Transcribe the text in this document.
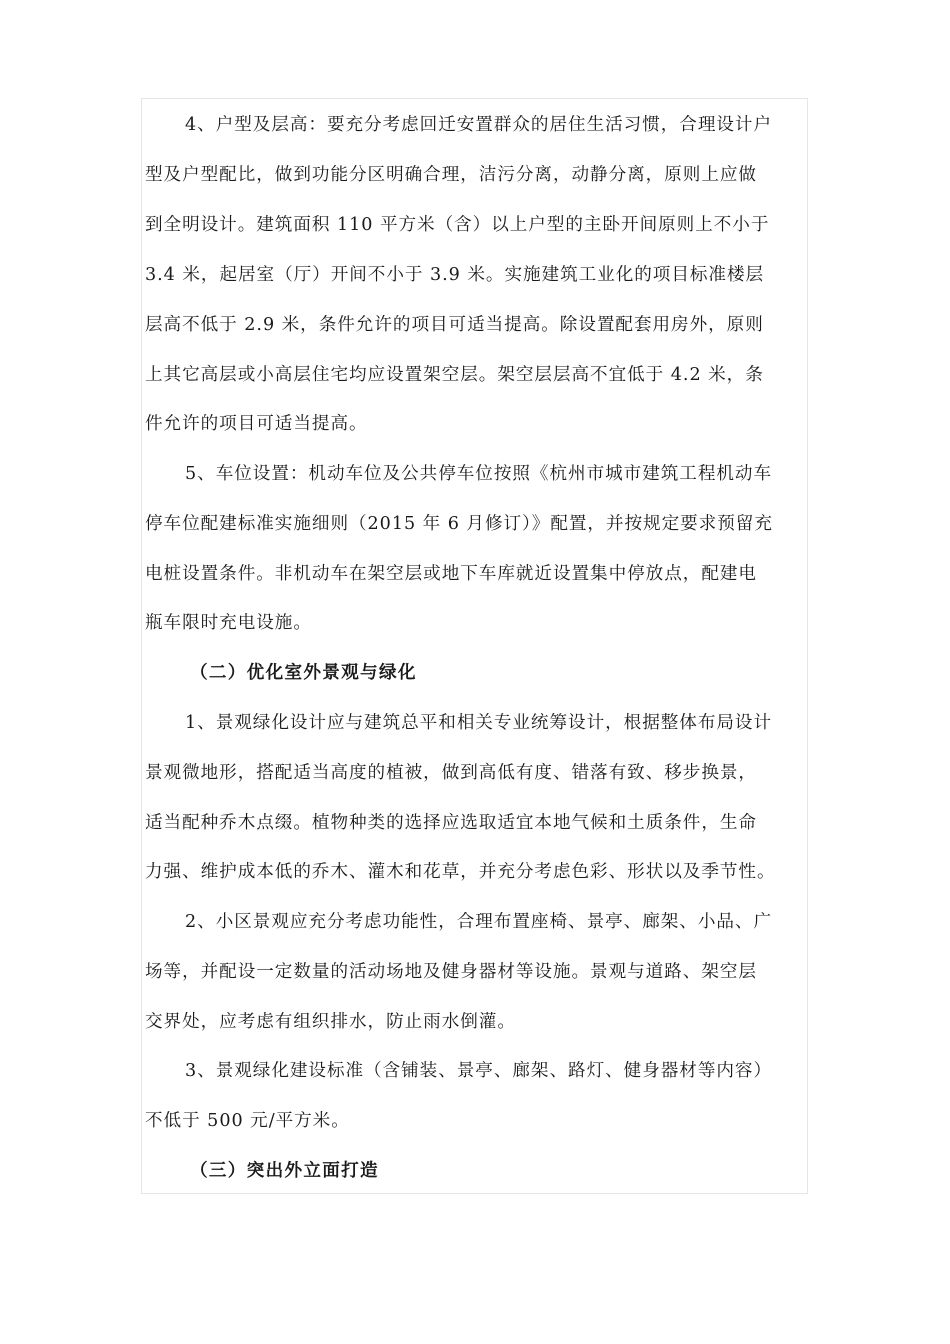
4、户型及层高：要充分考虑回迁安置群众的居住生活习惯，合理设计户

型及户型配比，做到功能分区明确合理，洁污分离，动静分离，原则上应做

到全明设计。建筑面积 110 平方米（含）以上户型的主卧开间原则上不小于

3.4 米，起居室（厅）开间不小于 3.9 米。实施建筑工业化的项目标准楼层

层高不低于 2.9 米，条件允许的项目可适当提高。除设置配套用房外，原则

上其它高层或小高层住宅均应设置架空层。架空层层高不宜低于 4.2 米，条

件允许的项目可适当提高。

5、车位设置：机动车位及公共停车位按照《杭州市城市建筑工程机动车

停车位配建标准实施细则（2015 年 6 月修订）》配置，并按规定要求预留充

电桩设置条件。非机动车在架空层或地下车库就近设置集中停放点，配建电

瓶车限时充电设施。

（二）优化室外景观与绿化

1、景观绿化设计应与建筑总平和相关专业统筹设计，根据整体布局设计

景观微地形，搭配适当高度的植被，做到高低有度、错落有致、移步换景，

适当配种乔木点缀。植物种类的选择应选取适宜本地气候和土质条件，生命

力强、维护成本低的乔木、灌木和花草，并充分考虑色彩、形状以及季节性。

2、小区景观应充分考虑功能性，合理布置座椅、景亭、廊架、小品、广

场等，并配设一定数量的活动场地及健身器材等设施。景观与道路、架空层

交界处，应考虑有组织排水，防止雨水倒灌。

3、景观绿化建设标准（含铺装、景亭、廊架、路灯、健身器材等内容）

不低于 500 元/平方米。

（三）突出外立面打造
